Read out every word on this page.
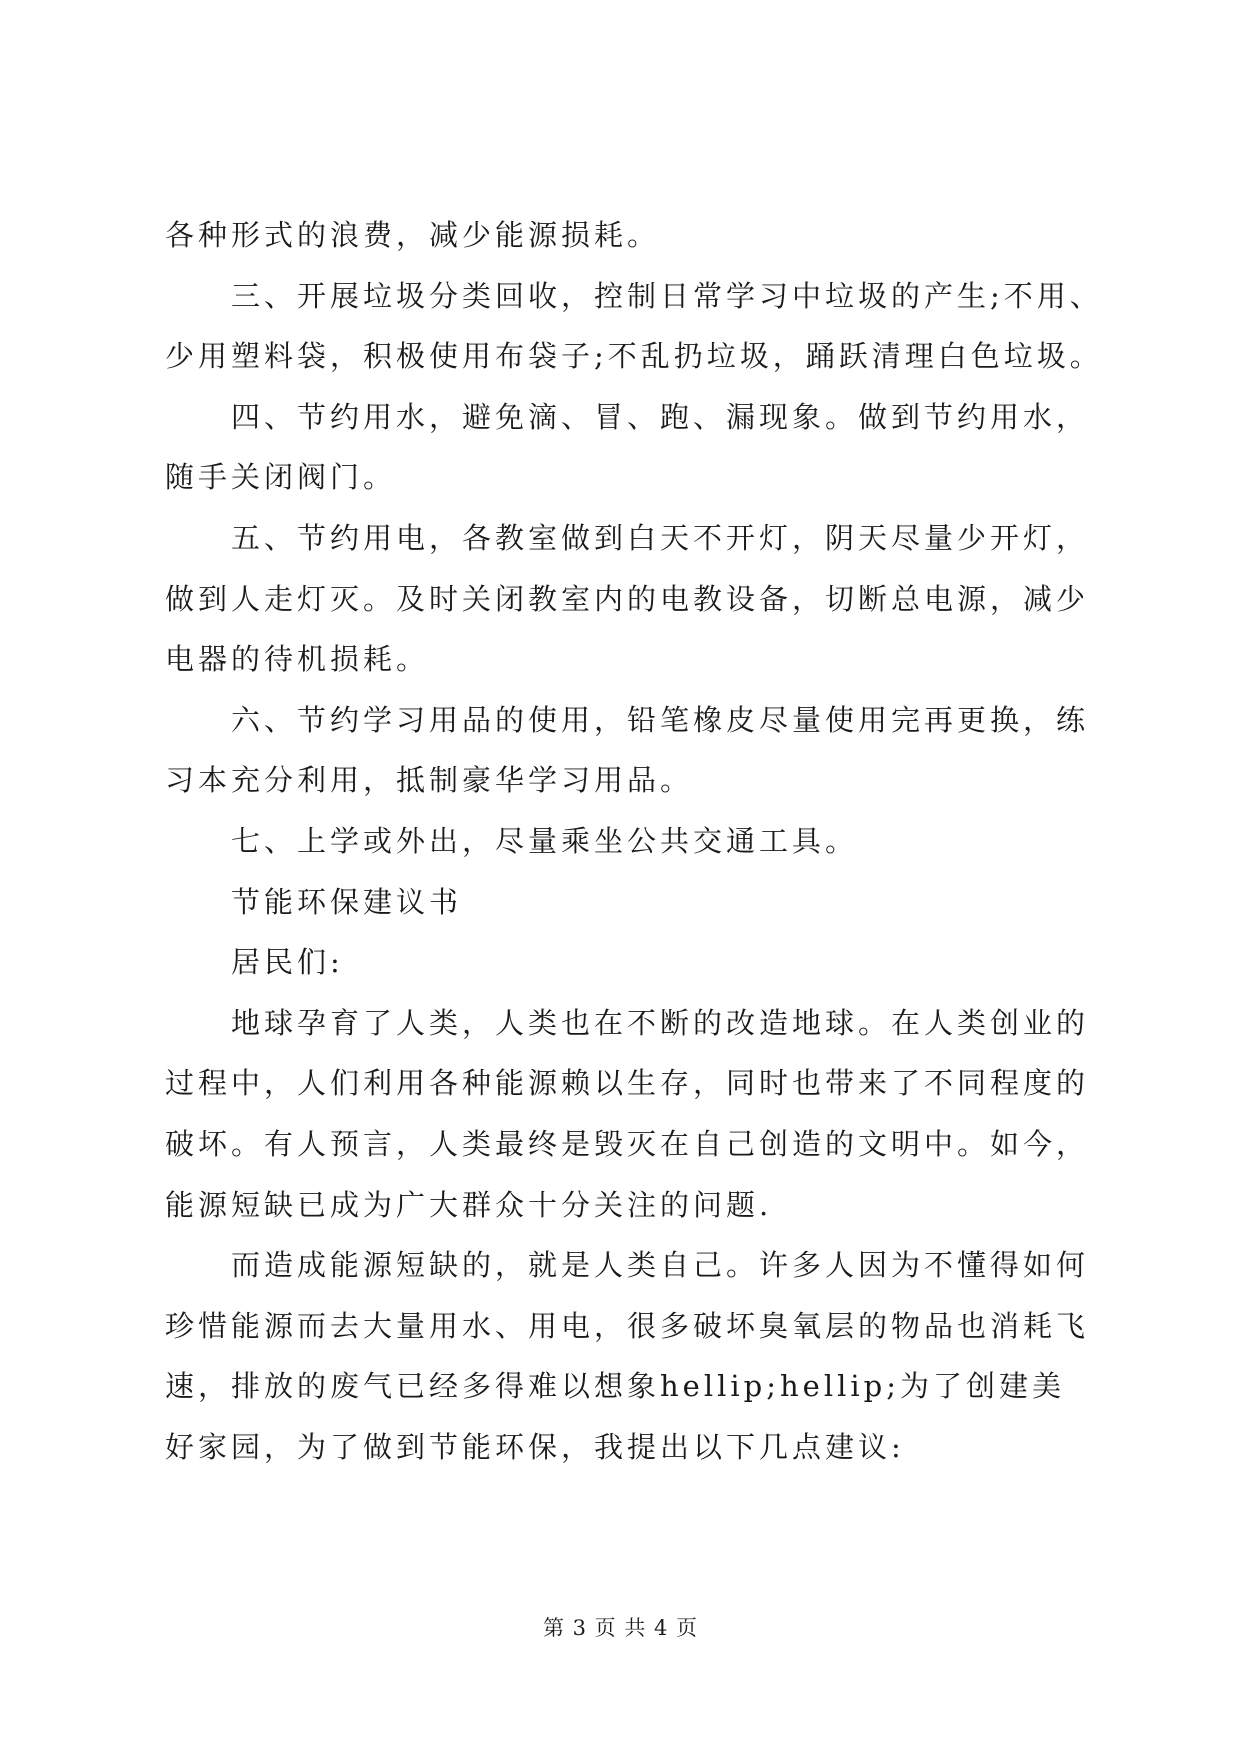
各种形式的浪费，减少能源损耗。
三、开展垃圾分类回收，控制日常学习中垃圾的产生;不用、
少用塑料袋，积极使用布袋子;不乱扔垃圾，踊跃清理白色垃圾。
四、节约用水，避免滴、冒、跑、漏现象。做到节约用水，
随手关闭阀门。
五、节约用电，各教室做到白天不开灯，阴天尽量少开灯，
做到人走灯灭。及时关闭教室内的电教设备，切断总电源，减少
电器的待机损耗。
六、节约学习用品的使用，铅笔橡皮尽量使用完再更换，练
习本充分利用，抵制豪华学习用品。
七、上学或外出，尽量乘坐公共交通工具。
节能环保建议书
居民们:
地球孕育了人类，人类也在不断的改造地球。在人类创业的
过程中，人们利用各种能源赖以生存，同时也带来了不同程度的
破坏。有人预言，人类最终是毁灭在自己创造的文明中。如今，
能源短缺已成为广大群众十分关注的问题.
而造成能源短缺的，就是人类自己。许多人因为不懂得如何
珍惜能源而去大量用水、用电，很多破坏臭氧层的物品也消耗飞
速，排放的废气已经多得难以想象hellip;hellip;为了创建美
好家园，为了做到节能环保，我提出以下几点建议:
第 3 页 共 4 页
